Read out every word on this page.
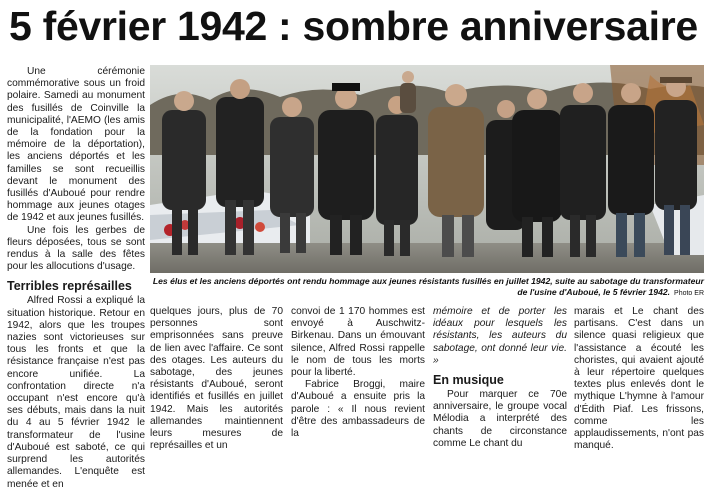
5 février 1942 : sombre anniversaire

Une cérémonie commémorative sous un froid polaire. Samedi au monument des fusillés de Coinville la municipalité, l'AEMO (les amis de la fondation pour la mémoire de la déportation), les anciens déportés et les familles se sont recueillis devant le monument des fusillés d'Auboué pour rendre hommage aux jeunes otages de 1942 et aux jeunes fusillés.

Une fois les gerbes de fleurs déposées, tous se sont rendus à la salle des fêtes pour les allocutions d'usage.

Terribles représailles

Alfred Rossi a expliqué la situation historique. Retour en 1942, alors que les troupes nazies sont victorieuses sur tous les fronts et que la résistance française n'est pas encore unifiée. La confrontation directe n'a occupant n'est encore qu'à ses débuts, mais dans la nuit du 4 au 5 février 1942 le transformateur de l'usine d'Auboué est saboté, ce qui surprend les autorités allemandes. L'enquête est menée et en

Les élus et les anciens déportés ont rendu hommage aux jeunes résistants fusillés en juillet 1942, suite au sabotage du transformateur de l'usine d'Auboué, le 5 février 1942. Photo ER

quelques jours, plus de 70 personnes sont emprisonnées sans preuve de lien avec l'affaire. Ce sont des otages. Les auteurs du sabotage, des jeunes résistants d'Auboué, seront identifiés et fusillés en juillet 1942. Mais les autorités allemandes maintiennent leurs mesures de représailles et un

convoi de 1 170 hommes est envoyé à Auschwitz-Birkenau. Dans un émouvant silence, Alfred Rossi rappelle le nom de tous les morts pour la liberté.

Fabrice Broggi, maire d'Auboué a ensuite pris la parole : « Il nous revient d'être des ambassadeurs de la

mémoire et de porter les idéaux pour lesquels les résistants, les auteurs du sabotage, ont donné leur vie. »

En musique

Pour marquer ce 70e anniversaire, le groupe vocal Mélodia a interprété des chants de circonstance comme Le chant du

marais et Le chant des partisans. C'est dans un silence quasi religieux que l'assistance a écouté les choristes, qui avaient ajouté à leur répertoire quelques textes plus enlevés dont le mythique L'hymne à l'amour d'Édith Piaf. Les frissons, comme les applaudissements, n'ont pas manqué.
